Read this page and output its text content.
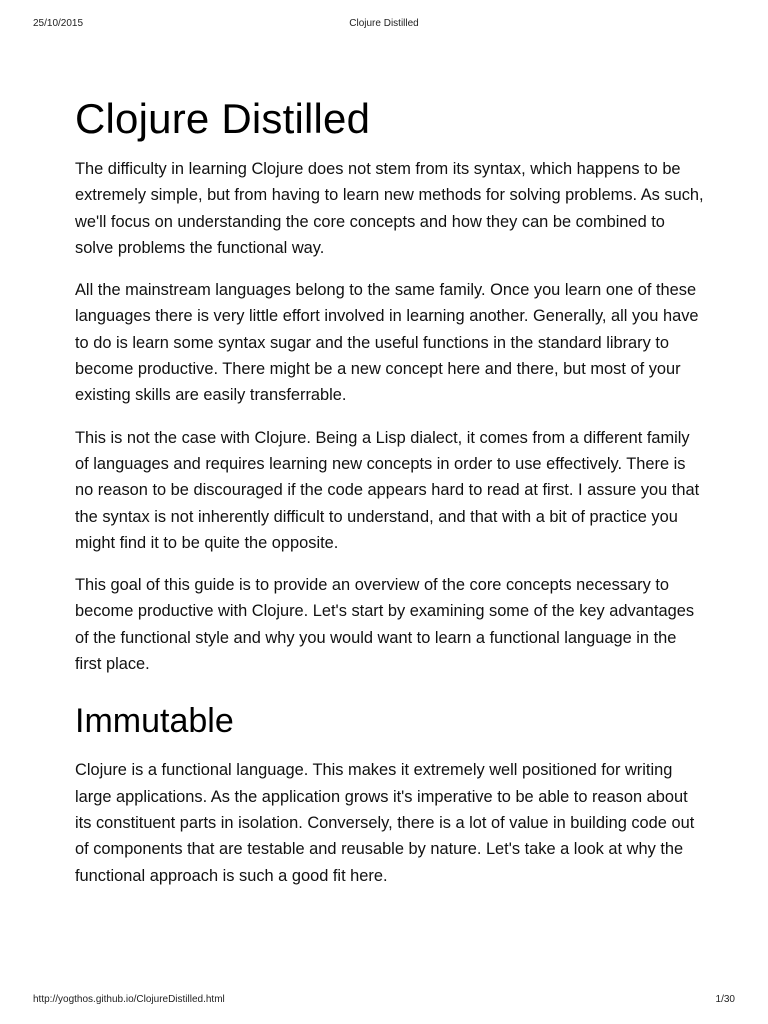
25/10/2015	Clojure Distilled
Clojure Distilled

The difficulty in learning Clojure does not stem from its syntax, which happens to be extremely simple, but from having to learn new methods for solving problems. As such, we'll focus on understanding the core concepts and how they can be combined to solve problems the functional way.

All the mainstream languages belong to the same family. Once you learn one of these languages there is very little effort involved in learning another. Generally, all you have to do is learn some syntax sugar and the useful functions in the standard library to become productive. There might be a new concept here and there, but most of your existing skills are easily transferrable.

This is not the case with Clojure. Being a Lisp dialect, it comes from a different family of languages and requires learning new concepts in order to use effectively. There is no reason to be discouraged if the code appears hard to read at first. I assure you that the syntax is not inherently difficult to understand, and that with a bit of practice you might find it to be quite the opposite.

This goal of this guide is to provide an overview of the core concepts necessary to become productive with Clojure. Let's start by examining some of the key advantages of the functional style and why you would want to learn a functional language in the first place.

Immutable

Clojure is a functional language. This makes it extremely well positioned for writing large applications. As the application grows it's imperative to be able to reason about its constituent parts in isolation. Conversely, there is a lot of value in building code out of components that are testable and reusable by nature. Let's take a look at why the functional approach is such a good fit here.

http://yogthos.github.io/ClojureDistilled.html	1/30
